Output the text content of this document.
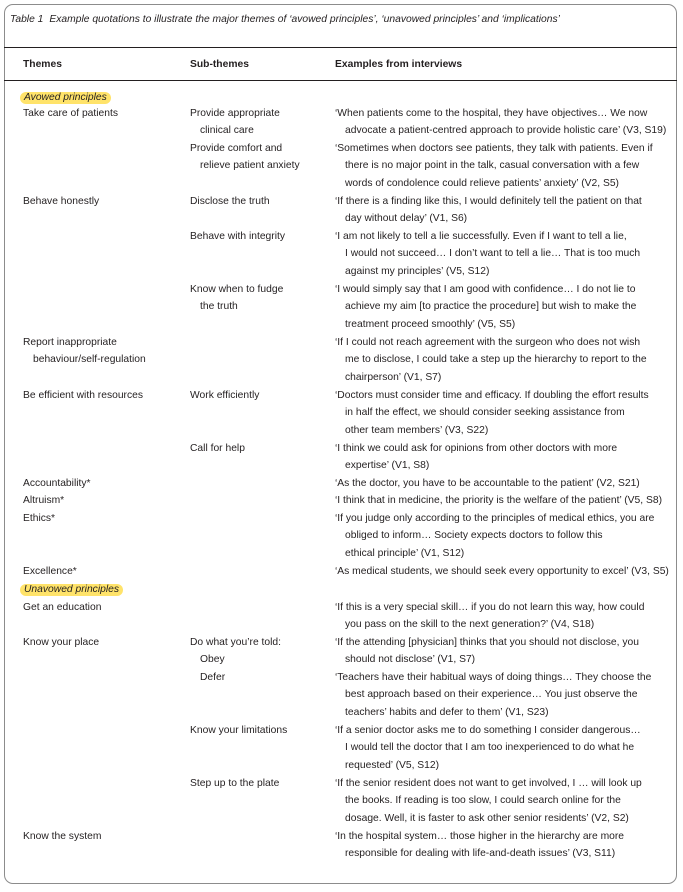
Table 1 Example quotations to illustrate the major themes of ‘avowed principles’, ‘unavowed principles’ and ‘implications’
Themes	Sub-themes	Examples from interviews
Avowed principles
Unavowed principles
Take care of patients
Behave honestly
Report inappropriate
behaviour/self-regulation
Be efficient with resources
Accountability*
Altruism*
Ethics*
Excellence*
Get an education
Know your place
Know the system
Provide appropriate
clinical care
Provide comfort and
relieve patient anxiety
Disclose the truth
Behave with integrity
Know when to fudge
the truth
Work efficiently
Call for help
Do what you’re told:
Obey
Defer
Know your limitations
Step up to the plate
‘When patients come to the hospital, they have objectives… We now
advocate a patient-centred approach to provide holistic care’ (V3, S19)
‘Sometimes when doctors see patients, they talk with patients. Even if
there is no major point in the talk, casual conversation with a few
words of condolence could relieve patients’ anxiety’ (V2, S5)
‘If there is a finding like this, I would definitely tell the patient on that
day without delay’ (V1, S6)
‘I am not likely to tell a lie successfully. Even if I want to tell a lie,
I would not succeed… I don’t want to tell a lie… That is too much
against my principles’ (V5, S12)
‘I would simply say that I am good with confidence… I do not lie to
achieve my aim [to practice the procedure] but wish to make the
treatment proceed smoothly’ (V5, S5)
‘If I could not reach agreement with the surgeon who does not wish
me to disclose, I could take a step up the hierarchy to report to the
chairperson’ (V1, S7)
‘Doctors must consider time and efficacy. If doubling the effort results
in half the effect, we should consider seeking assistance from
other team members’ (V3, S22)
‘I think we could ask for opinions from other doctors with more
expertise’ (V1, S8)
‘As the doctor, you have to be accountable to the patient’ (V2, S21)
‘I think that in medicine, the priority is the welfare of the patient’ (V5, S8)
‘If you judge only according to the principles of medical ethics, you are
obliged to inform… Society expects doctors to follow this
ethical principle’ (V1, S12)
‘As medical students, we should seek every opportunity to excel’ (V3, S5)
‘If this is a very special skill… if you do not learn this way, how could
you pass on the skill to the next generation?’ (V4, S18)
‘If the attending [physician] thinks that you should not disclose, you
should not disclose’ (V1, S7)
‘Teachers have their habitual ways of doing things… They choose the
best approach based on their experience… You just observe the
teachers’ habits and defer to them’ (V1, S23)
‘If a senior doctor asks me to do something I consider dangerous…
I would tell the doctor that I am too inexperienced to do what he
requested’ (V5, S12)
‘If the senior resident does not want to get involved, I … will look up
the books. If reading is too slow, I could search online for the
dosage. Well, it is faster to ask other senior residents’ (V2, S2)
‘In the hospital system… those higher in the hierarchy are more
responsible for dealing with life-and-death issues’ (V3, S11)
